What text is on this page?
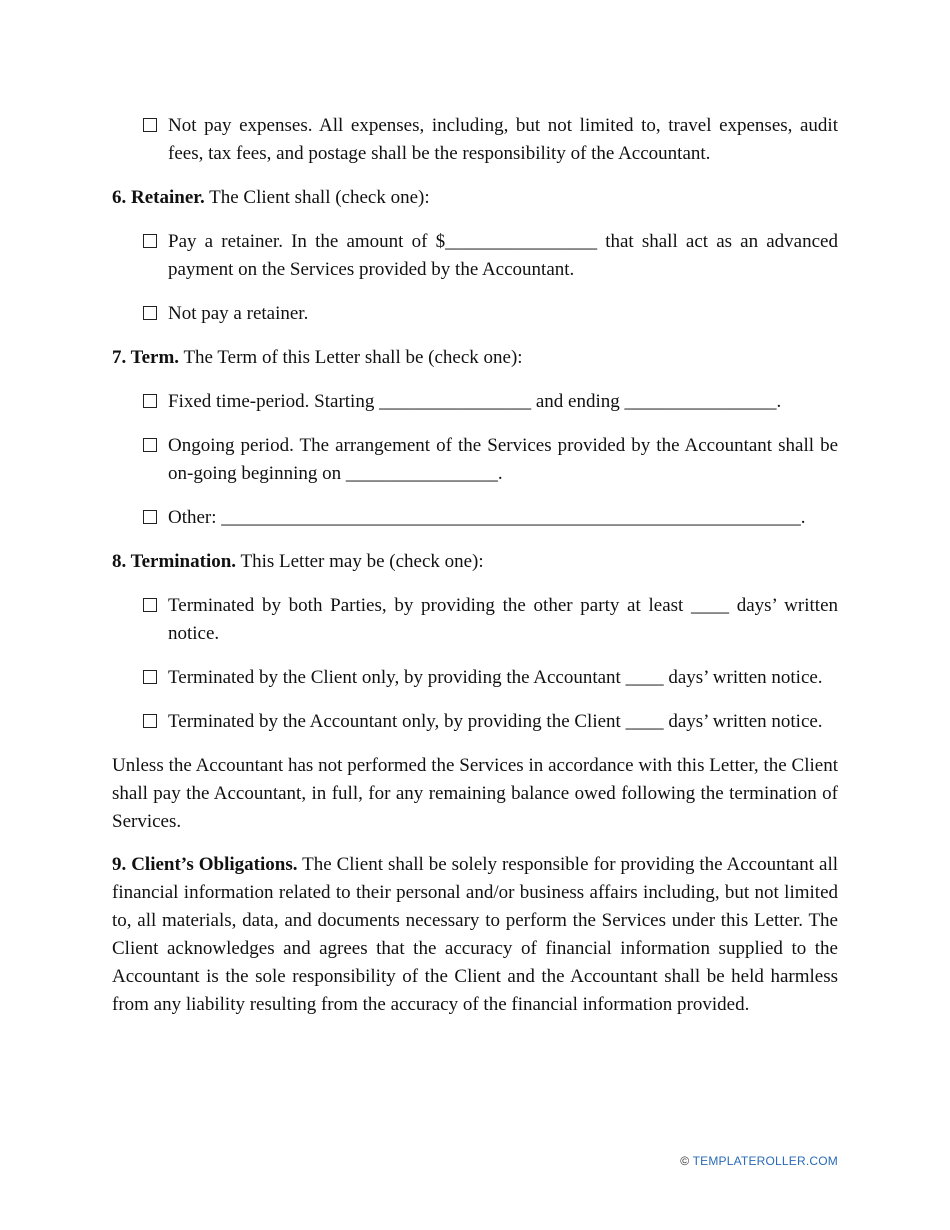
Not pay expenses. All expenses, including, but not limited to, travel expenses, audit fees, tax fees, and postage shall be the responsibility of the Accountant.
6. Retainer. The Client shall (check one):
Pay a retainer. In the amount of $________________ that shall act as an advanced payment on the Services provided by the Accountant.
Not pay a retainer.
7. Term. The Term of this Letter shall be (check one):
Fixed time-period. Starting ________________ and ending ________________.
Ongoing period. The arrangement of the Services provided by the Accountant shall be on-going beginning on ________________.
Other: _____________________________________________________________.
8. Termination. This Letter may be (check one):
Terminated by both Parties, by providing the other party at least ____ days’ written notice.
Terminated by the Client only, by providing the Accountant ____ days’ written notice.
Terminated by the Accountant only, by providing the Client ____ days’ written notice.
Unless the Accountant has not performed the Services in accordance with this Letter, the Client shall pay the Accountant, in full, for any remaining balance owed following the termination of Services.
9. Client’s Obligations. The Client shall be solely responsible for providing the Accountant all financial information related to their personal and/or business affairs including, but not limited to, all materials, data, and documents necessary to perform the Services under this Letter. The Client acknowledges and agrees that the accuracy of financial information supplied to the Accountant is the sole responsibility of the Client and the Accountant shall be held harmless from any liability resulting from the accuracy of the financial information provided.
© TEMPLATEROLLER.COM
